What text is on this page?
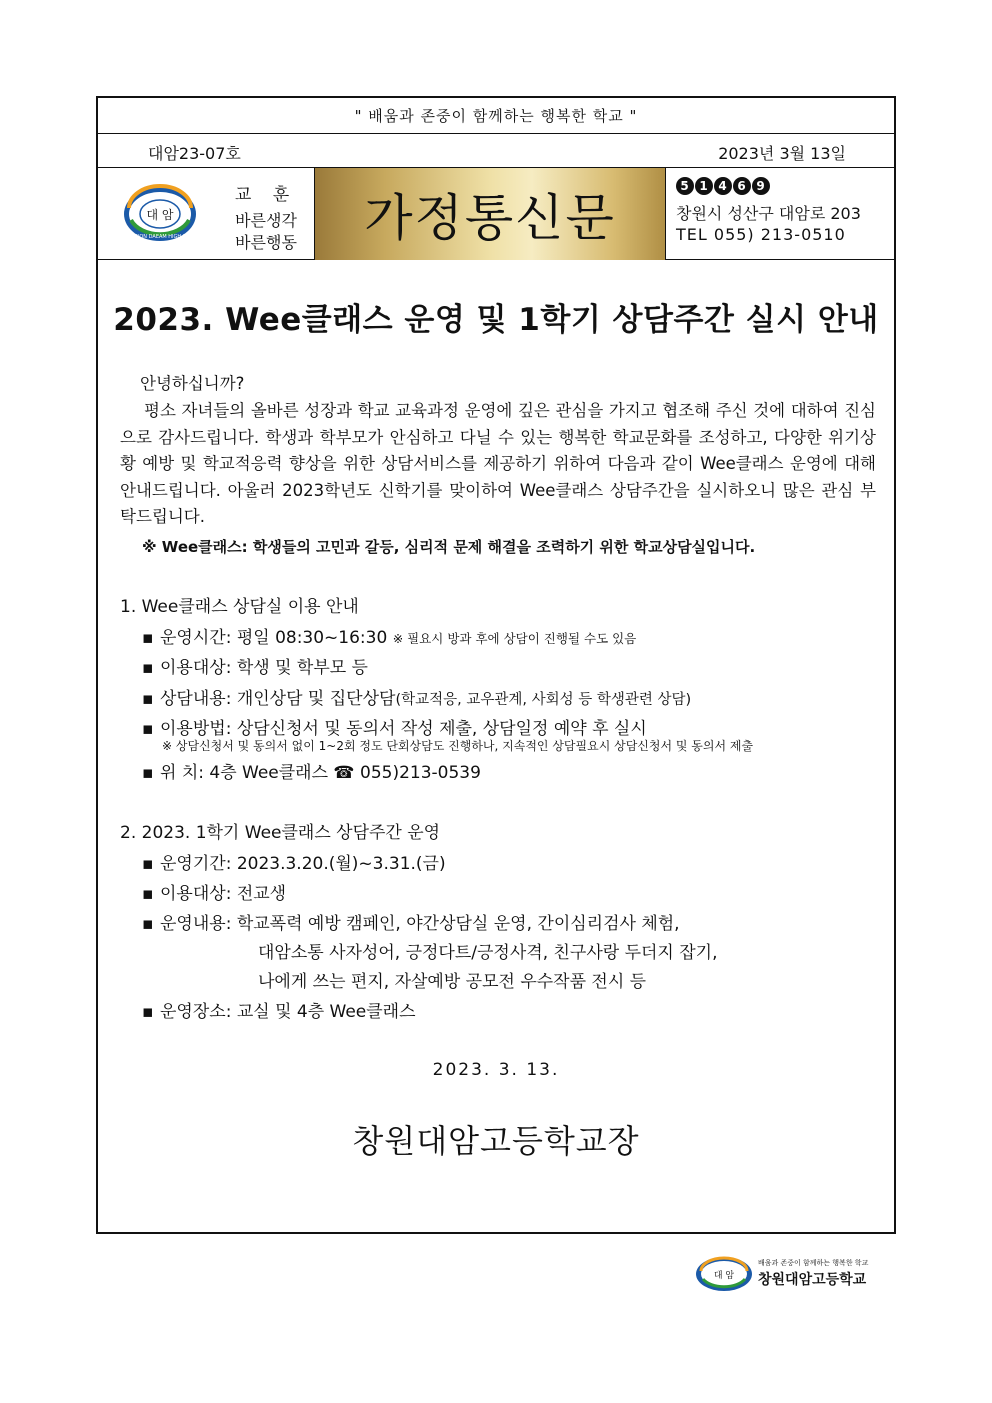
" 배움과 존중이 함께하는 행복한 학교 "
대암23-07호	2023년 3월 13일
대 암
CHANGWON DAEAM HIGH SCHOOL
교 훈
바른생각
바른행동	가정통신문
5 1 4 6 9
창원시 성산구 대암로 203
TEL 055) 213-0510
2023. Wee클래스 운영 및 1학기 상담주간 실시 안내
안녕하십니까?
평소 자녀들의 올바른 성장과 학교 교육과정 운영에 깊은 관심을 가지고 협조해 주신 것에 대하여 진심으로 감사드립니다. 학생과 학부모가 안심하고 다닐 수 있는 행복한 학교문화를 조성하고, 다양한 위기상황 예방 및 학교적응력 향상을 위한 상담서비스를 제공하기 위하여 다음과 같이 Wee클래스 운영에 대해 안내드립니다. 아울러 2023학년도 신학기를 맞이하여 Wee클래스 상담주간을 실시하오니 많은 관심 부탁드립니다.
※ Wee클래스: 학생들의 고민과 갈등, 심리적 문제 해결을 조력하기 위한 학교상담실입니다.
1. Wee클래스 상담실 이용 안내
▪ 운영시간: 평일 08:30~16:30 ※ 필요시 방과 후에 상담이 진행될 수도 있음
▪ 이용대상: 학생 및 학부모 등
▪ 상담내용: 개인상담 및 집단상담(학교적응, 교우관계, 사회성 등 학생관련 상담)
▪ 이용방법: 상담신청서 및 동의서 작성 제출, 상담일정 예약 후 실시
※ 상담신청서 및 동의서 없이 1~2회 정도 단회상담도 진행하나, 지속적인 상담필요시 상담신청서 및 동의서 제출
▪ 위 치: 4층 Wee클래스 ☎ 055)213-0539
2. 2023. 1학기 Wee클래스 상담주간 운영
▪ 운영기간: 2023.3.20.(월)~3.31.(금)
▪ 이용대상: 전교생
▪ 운영내용: 학교폭력 예방 캠페인, 야간상담실 운영, 간이심리검사 체험,
대암소통 사자성어, 긍정다트/긍정사격, 친구사랑 두더지 잡기,
나에게 쓰는 편지, 자살예방 공모전 우수작품 전시 등
▪ 운영장소: 교실 및 4층 Wee클래스
2023. 3. 13.
창원대암고등학교장
대 암
배움과 존중이 함께하는 행복한 학교
창원대암고등학교
